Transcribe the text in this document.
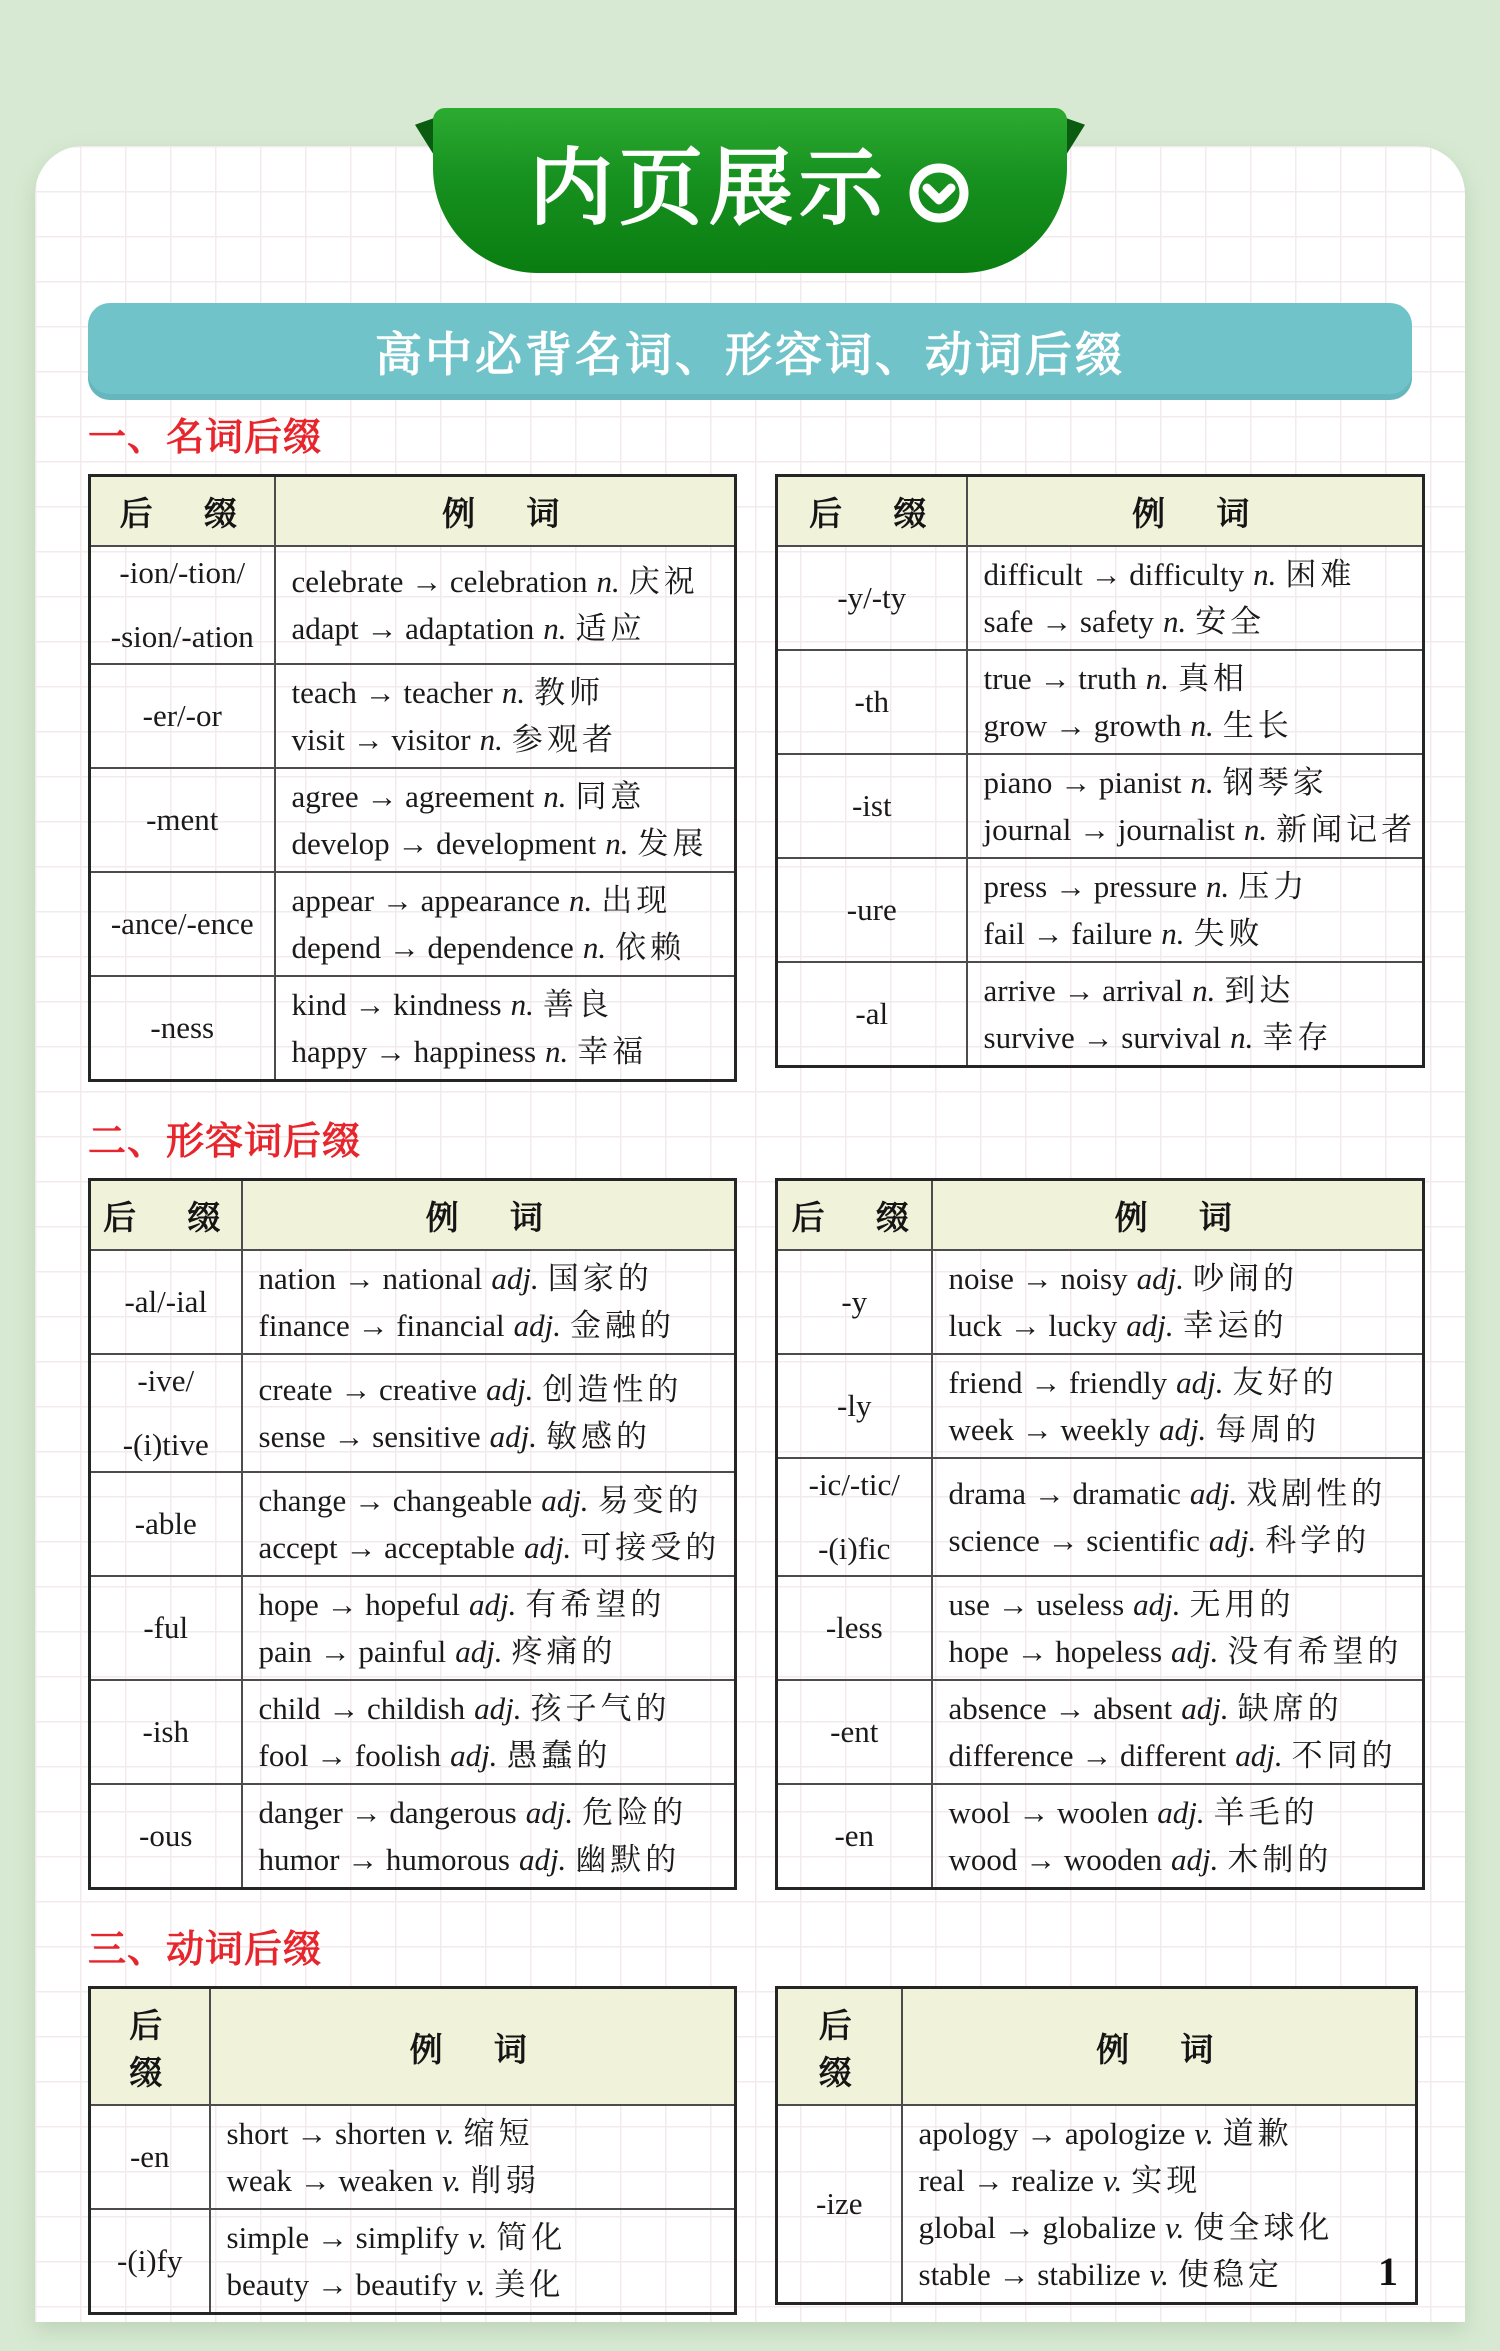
内页展示
高中必背名词、形容词、动词后缀
一、名词后缀
后 缀	例 词

-ion/-tion/
-sion/-ation

celebrate → celebration n. 庆祝
adapt → adaptation n. 适应

-er/-or	teach → teacher n. 教师
visit → visitor n. 参观者

-ment	agree → agreement n. 同意
develop → development n. 发展

-ance/-ence	appear → appearance n. 出现
depend → dependence n. 依赖

-ness	kind → kindness n. 善良
happy → happiness n. 幸福
后 缀	例 词

-y/-ty	difficult → difficulty n. 困难
safe → safety n. 安全

-th	true → truth n. 真相
grow → growth n. 生长

-ist	piano → pianist n. 钢琴家
journal → journalist n. 新闻记者

-ure	press → pressure n. 压力
fail → failure n. 失败

-al	arrive → arrival n. 到达
survive → survival n. 幸存
二、形容词后缀
后 缀	例 词

-al/-ial	nation → national adj. 国家的
finance → financial adj. 金融的

-ive/
-(i)tive

create → creative adj. 创造性的
sense → sensitive adj. 敏感的

-able	change → changeable adj. 易变的
accept → acceptable adj. 可接受的

-ful	hope → hopeful adj. 有希望的
pain → painful adj. 疼痛的

-ish	child → childish adj. 孩子气的
fool → foolish adj. 愚蠢的

-ous	danger → dangerous adj. 危险的
humor → humorous adj. 幽默的
后 缀	例 词

-y	noise → noisy adj. 吵闹的
luck → lucky adj. 幸运的

-ly	friend → friendly adj. 友好的
week → weekly adj. 每周的

-ic/-tic/
-(i)fic

drama → dramatic adj. 戏剧性的
science → scientific adj. 科学的

-less	use → useless adj. 无用的
hope → hopeless adj. 没有希望的

-ent	absence → absent adj. 缺席的
difference → different adj. 不同的

-en	wool → woolen adj. 羊毛的
wood → wooden adj. 木制的
三、动词后缀
后 缀	例 词

-en	short → shorten v. 缩短
weak → weaken v. 削弱

-(i)fy	simple → simplify v. 简化
beauty → beautify v. 美化
后 缀	例 词

-ize	apology → apologize v. 道歉
real → realize v. 实现
global → globalize v. 使全球化
stable → stabilize v. 使稳定	1
